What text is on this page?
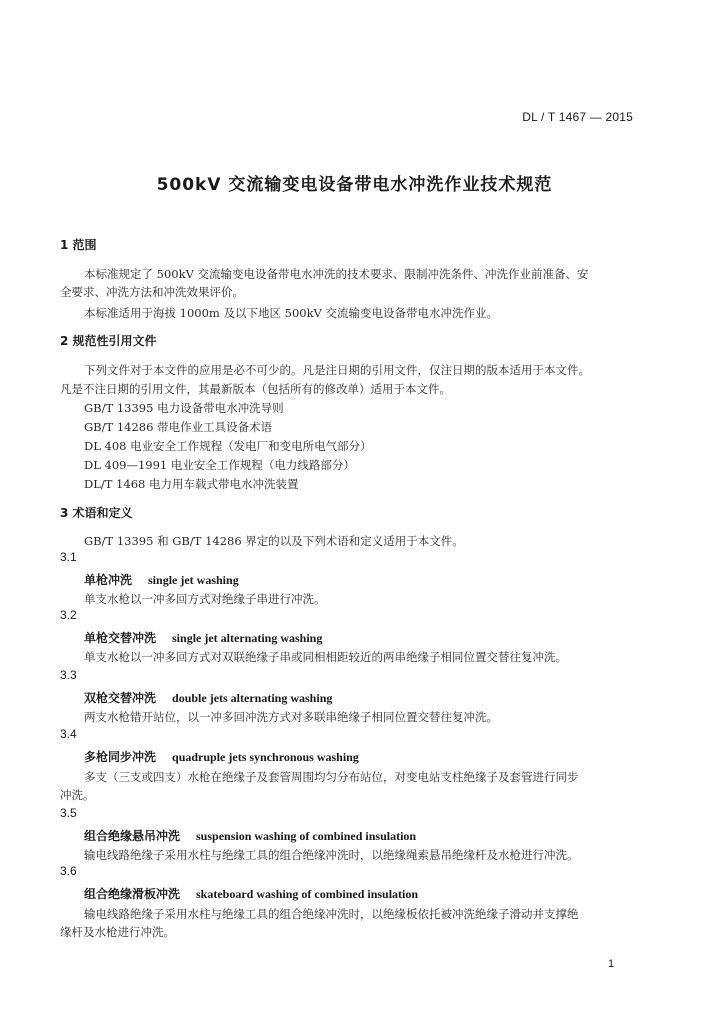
DL / T 1467 — 2015
500kV 交流输变电设备带电水冲洗作业技术规范
1 范围
本标准规定了 500kV 交流输变电设备带电水冲洗的技术要求、限制冲洗条件、冲洗作业前准备、安
全要求、冲洗方法和冲洗效果评价。
本标准适用于海拔 1000m 及以下地区 500kV 交流输变电设备带电水冲洗作业。
2 规范性引用文件
下列文件对于本文件的应用是必不可少的。凡是注日期的引用文件，仅注日期的版本适用于本文件。
凡是不注日期的引用文件，其最新版本（包括所有的修改单）适用于本文件。
GB/T 13395 电力设备带电水冲洗导则
GB/T 14286 带电作业工具设备术语
DL 408 电业安全工作规程（发电厂和变电所电气部分）
DL 409—1991 电业安全工作规程（电力线路部分）
DL/T 1468 电力用车载式带电水冲洗装置
3 术语和定义
GB/T 13395 和 GB/T 14286 界定的以及下列术语和定义适用于本文件。
3.1
单枪冲洗 single jet washing
单支水枪以一冲多回方式对绝缘子串进行冲洗。
3.2
单枪交替冲洗 single jet alternating washing
单支水枪以一冲多回方式对双联绝缘子串或同相相距较近的两串绝缘子相同位置交替往复冲洗。
3.3
双枪交替冲洗 double jets alternating washing
两支水枪错开站位，以一冲多回冲洗方式对多联串绝缘子相同位置交替往复冲洗。
3.4
多枪同步冲洗 quadruple jets synchronous washing
多支（三支或四支）水枪在绝缘子及套管周围均匀分布站位，对变电站支柱绝缘子及套管进行同步
冲洗。
3.5
组合绝缘悬吊冲洗 suspension washing of combined insulation
输电线路绝缘子采用水柱与绝缘工具的组合绝缘冲洗时，以绝缘绳索悬吊绝缘杆及水枪进行冲洗。
3.6
组合绝缘滑板冲洗 skateboard washing of combined insulation
输电线路绝缘子采用水柱与绝缘工具的组合绝缘冲洗时，以绝缘板依托被冲洗绝缘子滑动并支撑绝
缘杆及水枪进行冲洗。
1
